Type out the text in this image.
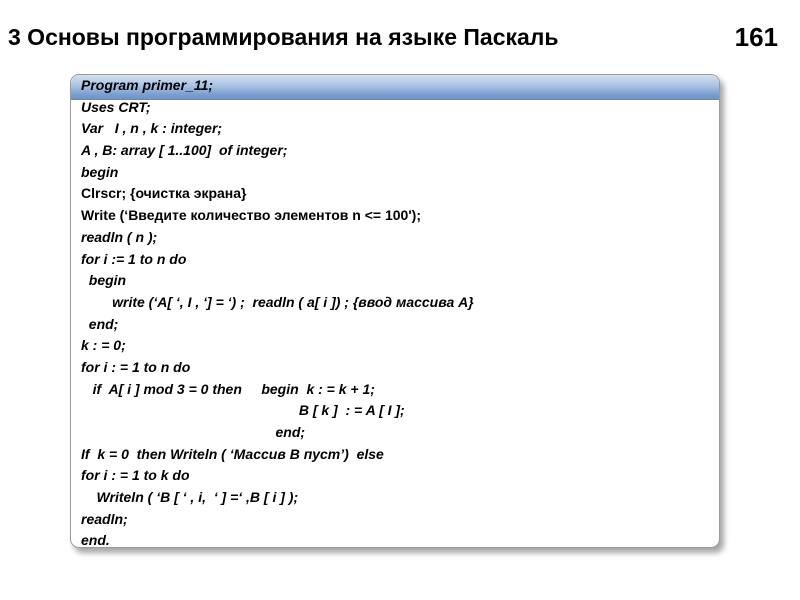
3 Основы программирования на языке Паскаль	161
Program primer_11;
Uses CRT;
Var   I , n , k : integer;
A , B: array [ 1..100]  of integer;
begin
Clrscr; {очистка экрана}
Write (‘Введите количество элементов n <= 100');
readln ( n );
for i := 1 to n do
begin
write (‘A[ ‘, I , ‘] = ‘) ;  readln ( a[ i ]) ; {ввод массива А}
end;
k : = 0;
for i : = 1 to n do
if  A[ i ] mod 3 = 0 then     begin  k : = k + 1;
B [ k ]  : = A [ I ];
end;
If  k = 0  then Writeln ( ‘Массив В пуст’)  else
for i : = 1 to k do
Writeln ( ‘B [ ‘ , i,  ‘ ] =‘ ,B [ i ] );
readln;
end.
